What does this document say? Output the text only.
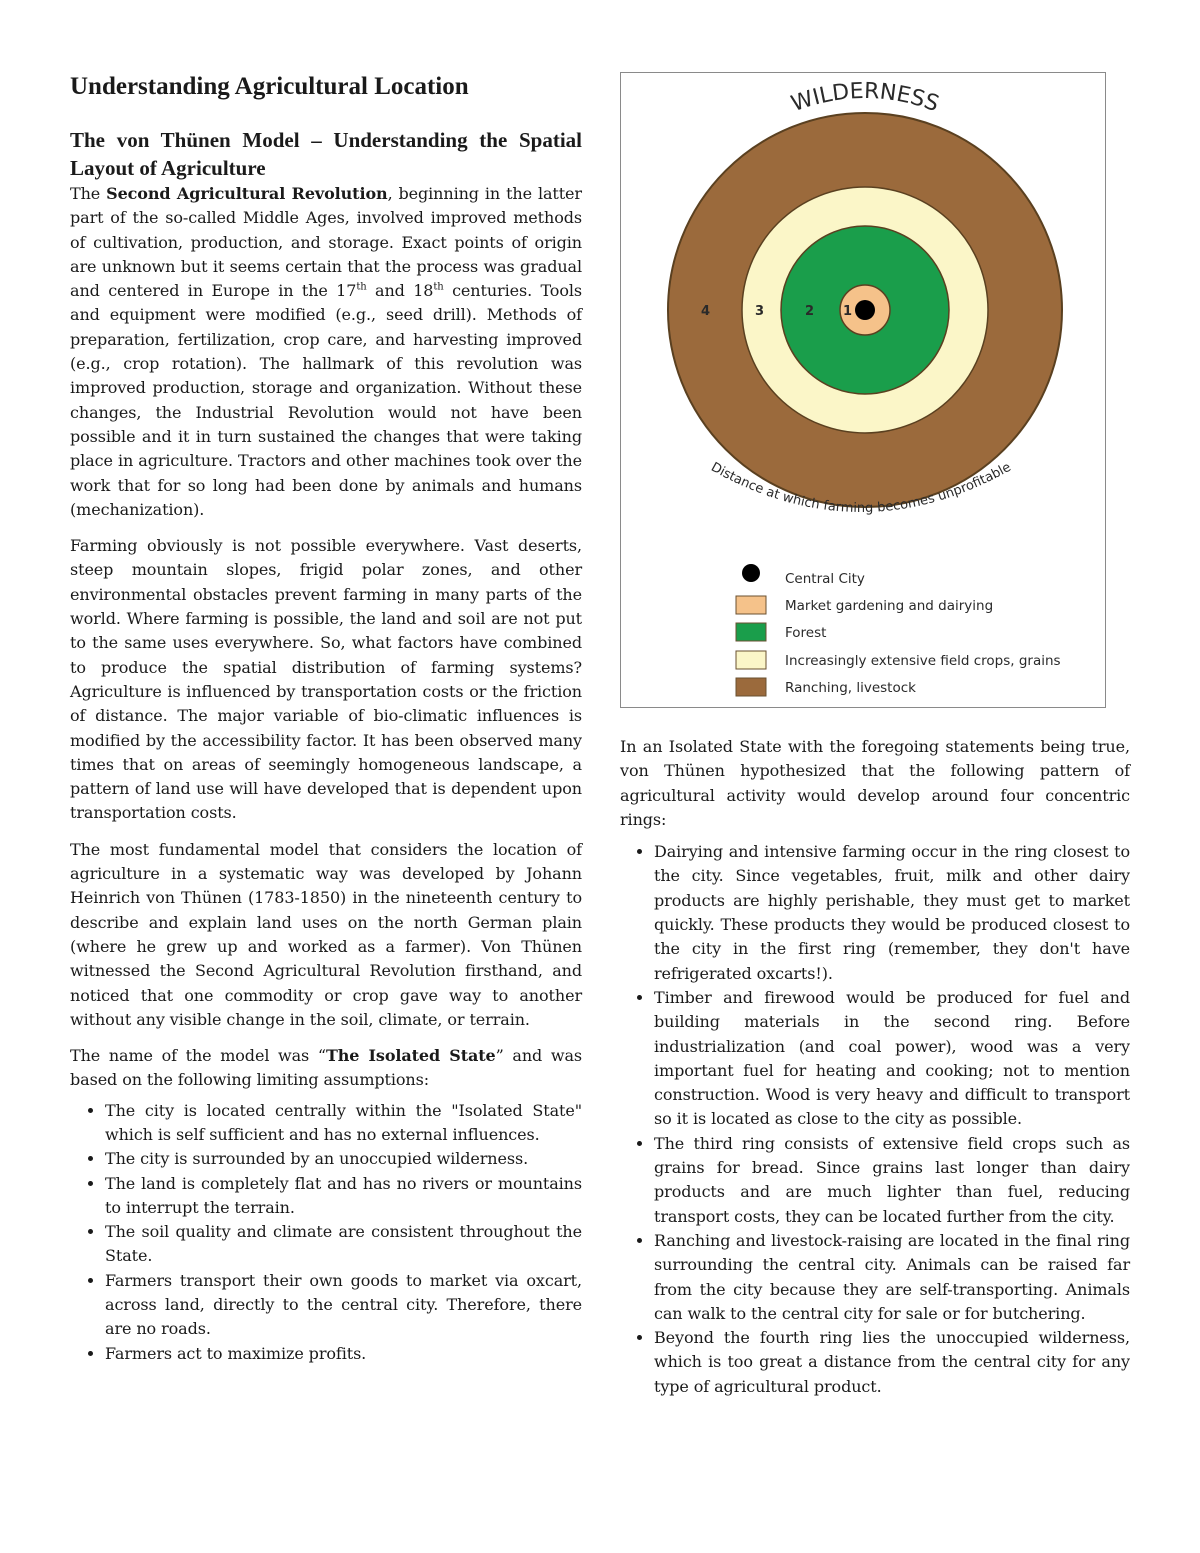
Understanding Agricultural Location
The von Thünen Model – Understanding the Spatial Layout of Agriculture

The Second Agricultural Revolution, beginning in the latter part of the so-called Middle Ages, involved improved methods of cultivation, production, and storage. Exact points of origin are unknown but it seems certain that the process was gradual and centered in Europe in the 17th and 18th centuries. Tools and equipment were modified (e.g., seed drill). Methods of preparation, fertilization, crop care, and harvesting improved (e.g., crop rotation). The hallmark of this revolution was improved production, storage and organization. Without these changes, the Industrial Revolution would not have been possible and it in turn sustained the changes that were taking place in agriculture. Tractors and other machines took over the work that for so long had been done by animals and humans (mechanization).

Farming obviously is not possible everywhere. Vast deserts, steep mountain slopes, frigid polar zones, and other environmental obstacles prevent farming in many parts of the world. Where farming is possible, the land and soil are not put to the same uses everywhere. So, what factors have combined to produce the spatial distribution of farming systems? Agriculture is influenced by transportation costs or the friction of distance. The major variable of bio-climatic influences is modified by the accessibility factor. It has been observed many times that on areas of seemingly homogeneous landscape, a pattern of land use will have developed that is dependent upon transportation costs.

The most fundamental model that considers the location of agriculture in a systematic way was developed by Johann Heinrich von Thünen (1783-1850) in the nineteenth century to describe and explain land uses on the north German plain (where he grew up and worked as a farmer). Von Thünen witnessed the Second Agricultural Revolution firsthand, and noticed that one commodity or crop gave way to another without any visible change in the soil, climate, or terrain.

The name of the model was “The Isolated State” and was based on the following limiting assumptions:

• The city is located centrally within the "Isolated State" which is self sufficient and has no external influences.
• The city is surrounded by an unoccupied wilderness.
• The land is completely flat and has no rivers or mountains to interrupt the terrain.
• The soil quality and climate are consistent throughout the State.
• Farmers transport their own goods to market via oxcart, across land, directly to the central city. Therefore, there are no roads.
• Farmers act to maximize profits.
WILDERNESS
1
2
3
4
Distance at which farming becomes unprofitable
Central City
Market gardening and dairying
Forest
Increasingly extensive field crops, grains
Ranching, livestock

In an Isolated State with the foregoing statements being true, von Thünen hypothesized that the following pattern of agricultural activity would develop around four concentric rings:

• Dairying and intensive farming occur in the ring closest to the city. Since vegetables, fruit, milk and other dairy products are highly perishable, they must get to market quickly. These products they would be produced closest to the city in the first ring (remember, they don't have refrigerated oxcarts!).
• Timber and firewood would be produced for fuel and building materials in the second ring. Before industrialization (and coal power), wood was a very important fuel for heating and cooking; not to mention construction. Wood is very heavy and difficult to transport so it is located as close to the city as possible.
• The third ring consists of extensive field crops such as grains for bread. Since grains last longer than dairy products and are much lighter than fuel, reducing transport costs, they can be located further from the city.
• Ranching and livestock-raising are located in the final ring surrounding the central city. Animals can be raised far from the city because they are self-transporting. Animals can walk to the central city for sale or for butchering.
• Beyond the fourth ring lies the unoccupied wilderness, which is too great a distance from the central city for any type of agricultural product.
